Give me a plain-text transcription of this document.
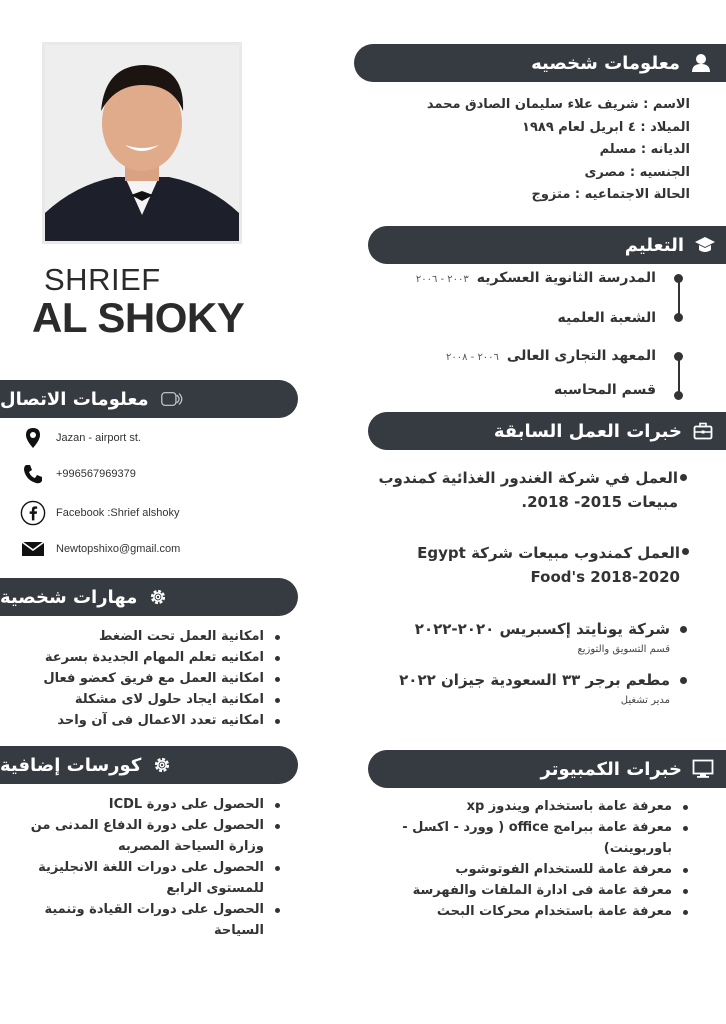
SHRIEF
AL SHOKY
معلومات شخصيه
الاسم : شريف علاء سليمان الصادق محمد
الميلاد : ٤ ابريل لعام ١٩٨٩
الديانه : مسلم
الجنسيه : مصرى
الحالة الاجتماعيه : متزوج
التعليم
المدرسة الثانوية العسكريه٢٠٠٣ - ٢٠٠٦
الشعبة العلميه
المعهد التجارى العالى٢٠٠٦ - ٢٠٠٨
قسم المحاسبه
خبرات العمل السابقة
العمل في شركة الغندور الغذائية كمندوب مبيعات 2015- 2018.
العمل كمندوب مبيعات شركة Egypt Food's 2018-2020
شركة يونايتد إكسبريس ٢٠٢٠-٢٠٢٢
قسم التسويق والتوزيع
مطعم برجر ٣٣ السعودية جيزان ٢٠٢٢
مدير تشغيل
خبرات الكمبيوتر
معرفة عامة باستخدام ويندوز xp
معرفة عامة ببرامج office ( وورد - اكسل - باوربوينت)
معرفة عامة للستخدام الفوتوشوب
معرفة عامة فى ادارة الملفات والفهرسة
معرفة عامة باستخدام محركات البحث
معلومات الاتصال
Jazan - airport st.
+996567969379
Facebook :Shrief alshoky
Newtopshixo@gmail.com
مهارات شخصية
امكانية العمل تحت الضغط
امكانيه تعلم المهام الجديدة بسرعة
امكانية العمل مع فريق كعضو فعال
امكانية ايجاد حلول لاى مشكلة
امكانيه تعدد الاعمال فى آن واحد
كورسات إضافية
الحصول على دورة ICDL
الحصول على دورة الدفاع المدنى من وزارة السياحة المصربه
الحصول على دورات اللغة الانجليزية للمستوى الرابع
الحصول على دورات القيادة وتنمية السياحة
